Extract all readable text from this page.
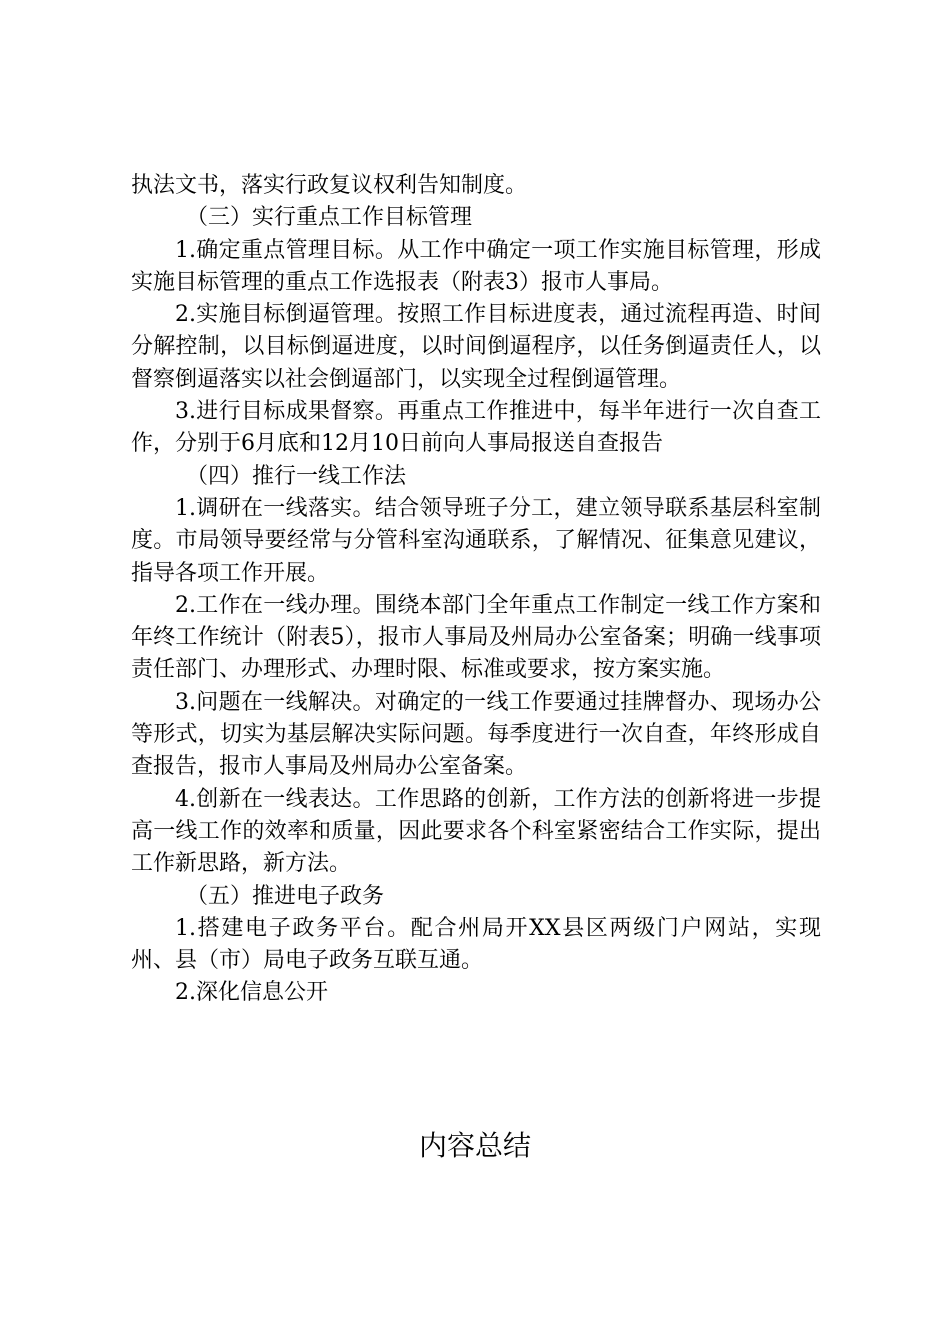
执法文书，落实行政复议权利告知制度。

（三）实行重点工作目标管理

1.确定重点管理目标。从工作中确定一项工作实施目标管理，形成实施目标管理的重点工作选报表（附表3）报市人事局。

2.实施目标倒逼管理。按照工作目标进度表，通过流程再造、时间分解控制，以目标倒逼进度，以时间倒逼程序，以任务倒逼责任人，以督察倒逼落实以社会倒逼部门，以实现全过程倒逼管理。

3.进行目标成果督察。再重点工作推进中，每半年进行一次自查工作，分别于6月底和12月10日前向人事局报送自查报告

（四）推行一线工作法

1.调研在一线落实。结合领导班子分工，建立领导联系基层科室制度。市局领导要经常与分管科室沟通联系，了解情况、征集意见建议，指导各项工作开展。

2.工作在一线办理。围绕本部门全年重点工作制定一线工作方案和年终工作统计（附表5），报市人事局及州局办公室备案；明确一线事项责任部门、办理形式、办理时限、标准或要求，按方案实施。

3.问题在一线解决。对确定的一线工作要通过挂牌督办、现场办公等形式，切实为基层解决实际问题。每季度进行一次自查，年终形成自查报告，报市人事局及州局办公室备案。

4.创新在一线表达。工作思路的创新，工作方法的创新将进一步提高一线工作的效率和质量，因此要求各个科室紧密结合工作实际，提出工作新思路，新方法。

（五）推进电子政务

1.搭建电子政务平台。配合州局开XX县区两级门户网站，实现州、县（市）局电子政务互联互通。

2.深化信息公开

内容总结
